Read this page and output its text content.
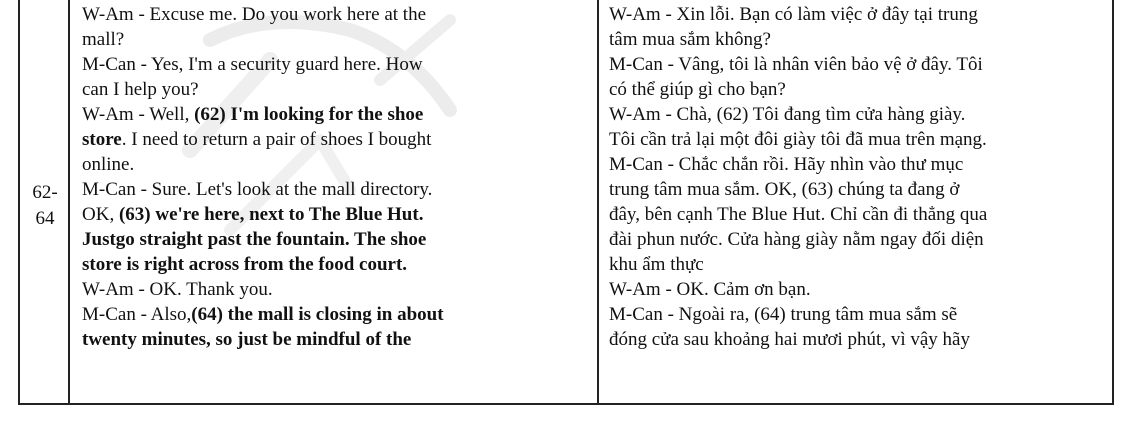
62-
64
W-Am - Excuse me. Do you work here at the
mall?
M-Can - Yes, I'm a security guard here. How
can I help you?
W-Am - Well, (62) I'm looking for the shoe
store. I need to return a pair of shoes I bought
online.
M-Can - Sure. Let's look at the mall directory.
OK, (63) we're here, next to The Blue Hut.
Justgo straight past the fountain. The shoe
store is right across from the food court.
W-Am - OK. Thank you.
M-Can - Also,(64) the mall is closing in about
twenty minutes, so just be mindful of the
W-Am - Xin lỗi. Bạn có làm việc ở đây tại trung
tâm mua sắm không?
M-Can - Vâng, tôi là nhân viên bảo vệ ở đây. Tôi
có thể giúp gì cho bạn?
W-Am - Chà, (62) Tôi đang tìm cửa hàng giày.
Tôi cần trả lại một đôi giày tôi đã mua trên mạng.
M-Can - Chắc chắn rồi. Hãy nhìn vào thư mục
trung tâm mua sắm. OK, (63) chúng ta đang ở
đây, bên cạnh The Blue Hut. Chỉ cần đi thẳng qua
đài phun nước. Cửa hàng giày nằm ngay đối diện
khu ẩm thực
W-Am - OK. Cảm ơn bạn.
M-Can - Ngoài ra, (64) trung tâm mua sắm sẽ
đóng cửa sau khoảng hai mươi phút, vì vậy hãy
